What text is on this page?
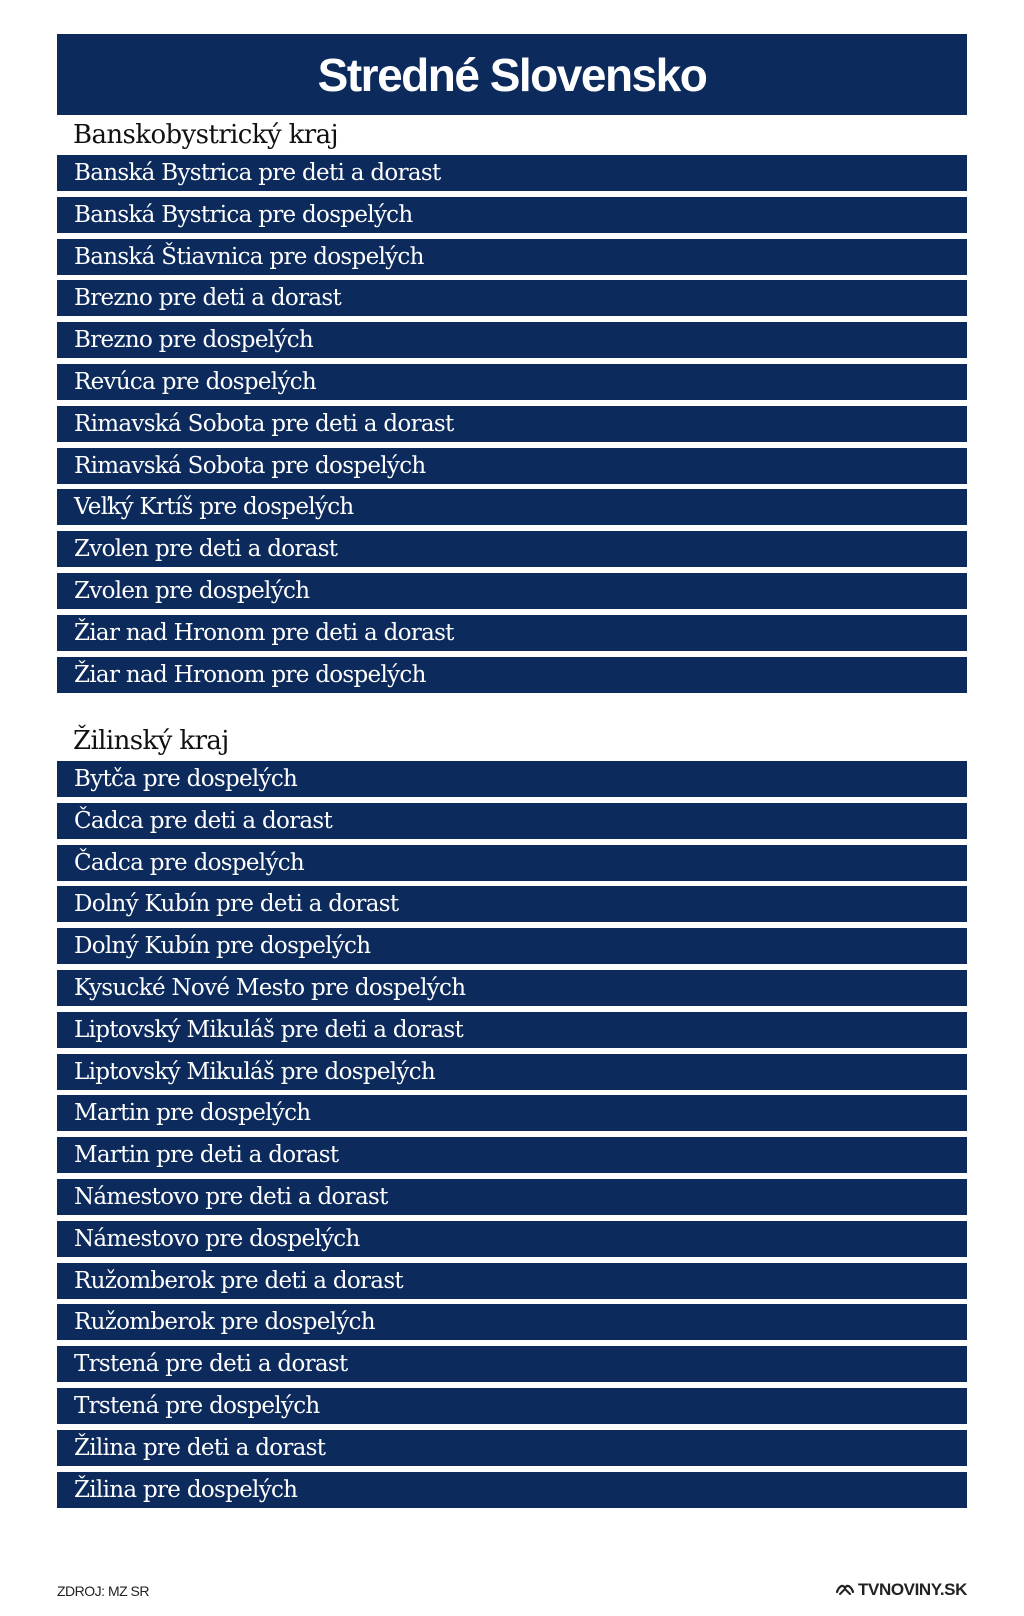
Stredné Slovensko
Banskobystrický kraj
Banská Bystrica pre deti a dorast
Banská Bystrica pre dospelých
Banská Štiavnica pre dospelých
Brezno pre deti a dorast
Brezno pre dospelých
Revúca pre dospelých
Rimavská Sobota pre deti a dorast
Rimavská Sobota pre dospelých
Veľký Krtíš pre dospelých
Zvolen pre deti a dorast
Zvolen pre dospelých
Žiar nad Hronom pre deti a dorast
Žiar nad Hronom pre dospelých
Žilinský kraj
Bytča pre dospelých
Čadca pre deti a dorast
Čadca pre dospelých
Dolný Kubín pre deti a dorast
Dolný Kubín pre dospelých
Kysucké Nové Mesto pre dospelých
Liptovský Mikuláš pre deti a dorast
Liptovský Mikuláš pre dospelých
Martin pre dospelých
Martin pre deti a dorast
Námestovo pre deti a dorast
Námestovo pre dospelých
Ružomberok pre deti a dorast
Ružomberok pre dospelých
Trstená pre deti a dorast
Trstená pre dospelých
Žilina pre deti a dorast
Žilina pre dospelých
ZDROJ: MZ SR	TVNOVINY.SK
